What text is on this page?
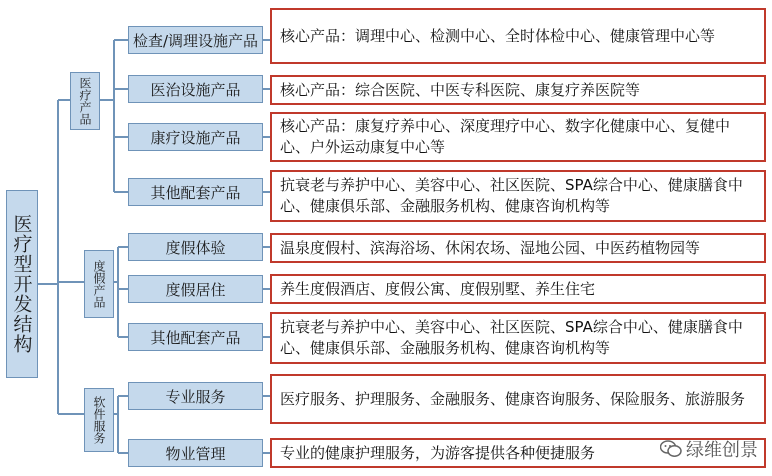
医疗型开发结构
医疗产品
度假产品
软件服务
检查/调理设施产品
医治设施产品
康疗设施产品
其他配套产品
度假体验
度假居住
其他配套产品
专业服务
物业管理
核心产品：调理中心、检测中心、全时体检中心、健康管理中心等
核心产品：综合医院、中医专科医院、康复疗养医院等
核心产品：康复疗养中心、深度理疗中心、数字化健康中心、复健中心、户外运动康复中心等
抗衰老与养护中心、美容中心、社区医院、SPA综合中心、健康膳食中心、健康俱乐部、金融服务机构、健康咨询机构等
温泉度假村、滨海浴场、休闲农场、湿地公园、中医药植物园等
养生度假酒店、度假公寓、度假别墅、养生住宅
抗衰老与养护中心、美容中心、社区医院、SPA综合中心、健康膳食中心、健康俱乐部、金融服务机构、健康咨询机构等
医疗服务、护理服务、金融服务、健康咨询服务、保险服务、旅游服务
专业的健康护理服务，为游客提供各种便捷服务	绿维创景
